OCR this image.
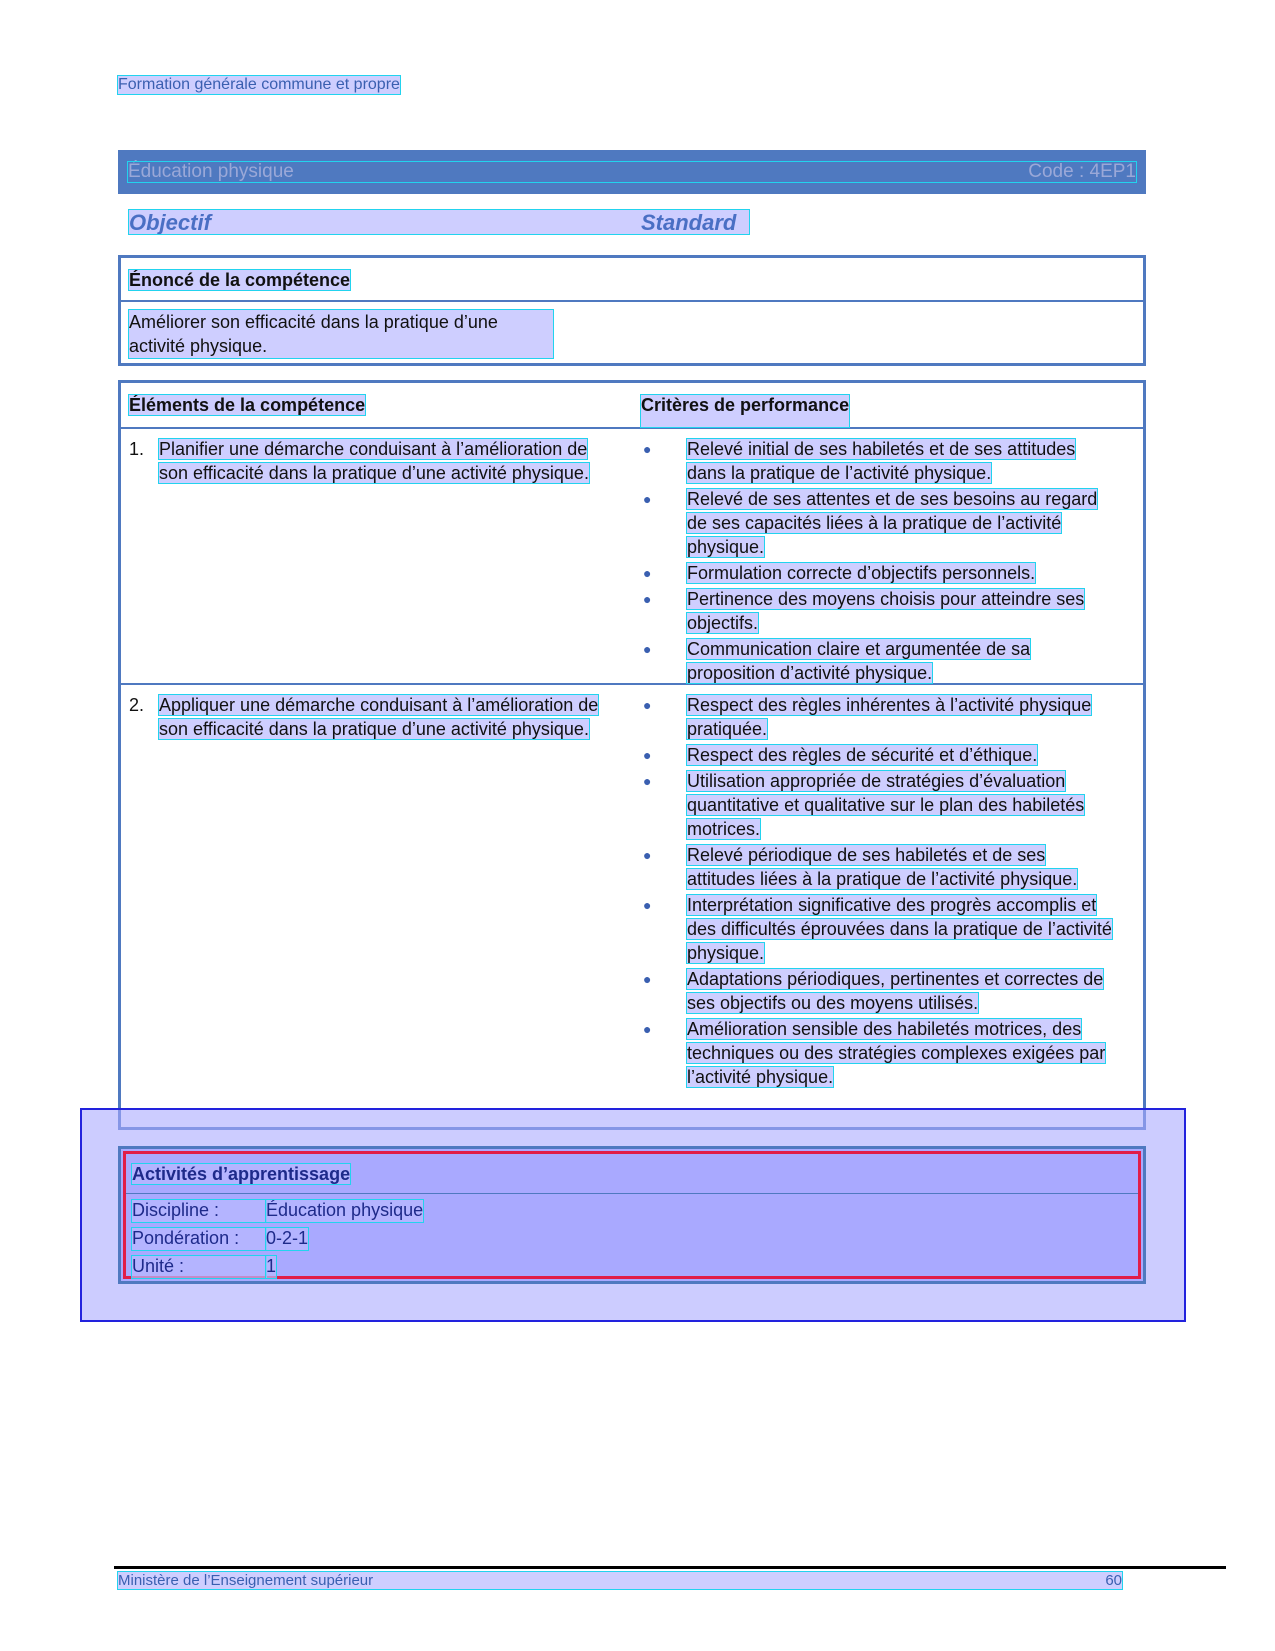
Formation générale commune et propre
Éducation physique	Code : 4EP1
Objectif	Standard
Énoncé de la compétence
Améliorer son efficacité dans la pratique d’une activité physique.
Éléments de la compétence	Critères de performance
1. Planifier une démarche conduisant à l’amélioration de son efficacité dans la pratique d’une activité physique.
●	Relevé initial de ses habiletés et de ses attitudes dans la pratique de l’activité physique.
●	Relevé de ses attentes et de ses besoins au regard de ses capacités liées à la pratique de l’activité physique.
●	Formulation correcte d’objectifs personnels.
●	Pertinence des moyens choisis pour atteindre ses objectifs.
●	Communication claire et argumentée de sa proposition d’activité physique.
2. Appliquer une démarche conduisant à l’amélioration de son efficacité dans la pratique d’une activité physique.
●	Respect des règles inhérentes à l’activité physique pratiquée.
●	Respect des règles de sécurité et d’éthique.
●	Utilisation appropriée de stratégies d’évaluation quantitative et qualitative sur le plan des habiletés motrices.
●	Relevé périodique de ses habiletés et de ses attitudes liées à la pratique de l’activité physique.
●	Interprétation significative des progrès accomplis et des difficultés éprouvées dans la pratique de l’activité physique.
●	Adaptations périodiques, pertinentes et correctes de ses objectifs ou des moyens utilisés.
●	Amélioration sensible des habiletés motrices, des techniques ou des stratégies complexes exigées par l’activité physique.
Activités d’apprentissage
Discipline :	Éducation physique
Pondération :	0-2-1
Unité :	1
Ministère de l’Enseignement supérieur	60
